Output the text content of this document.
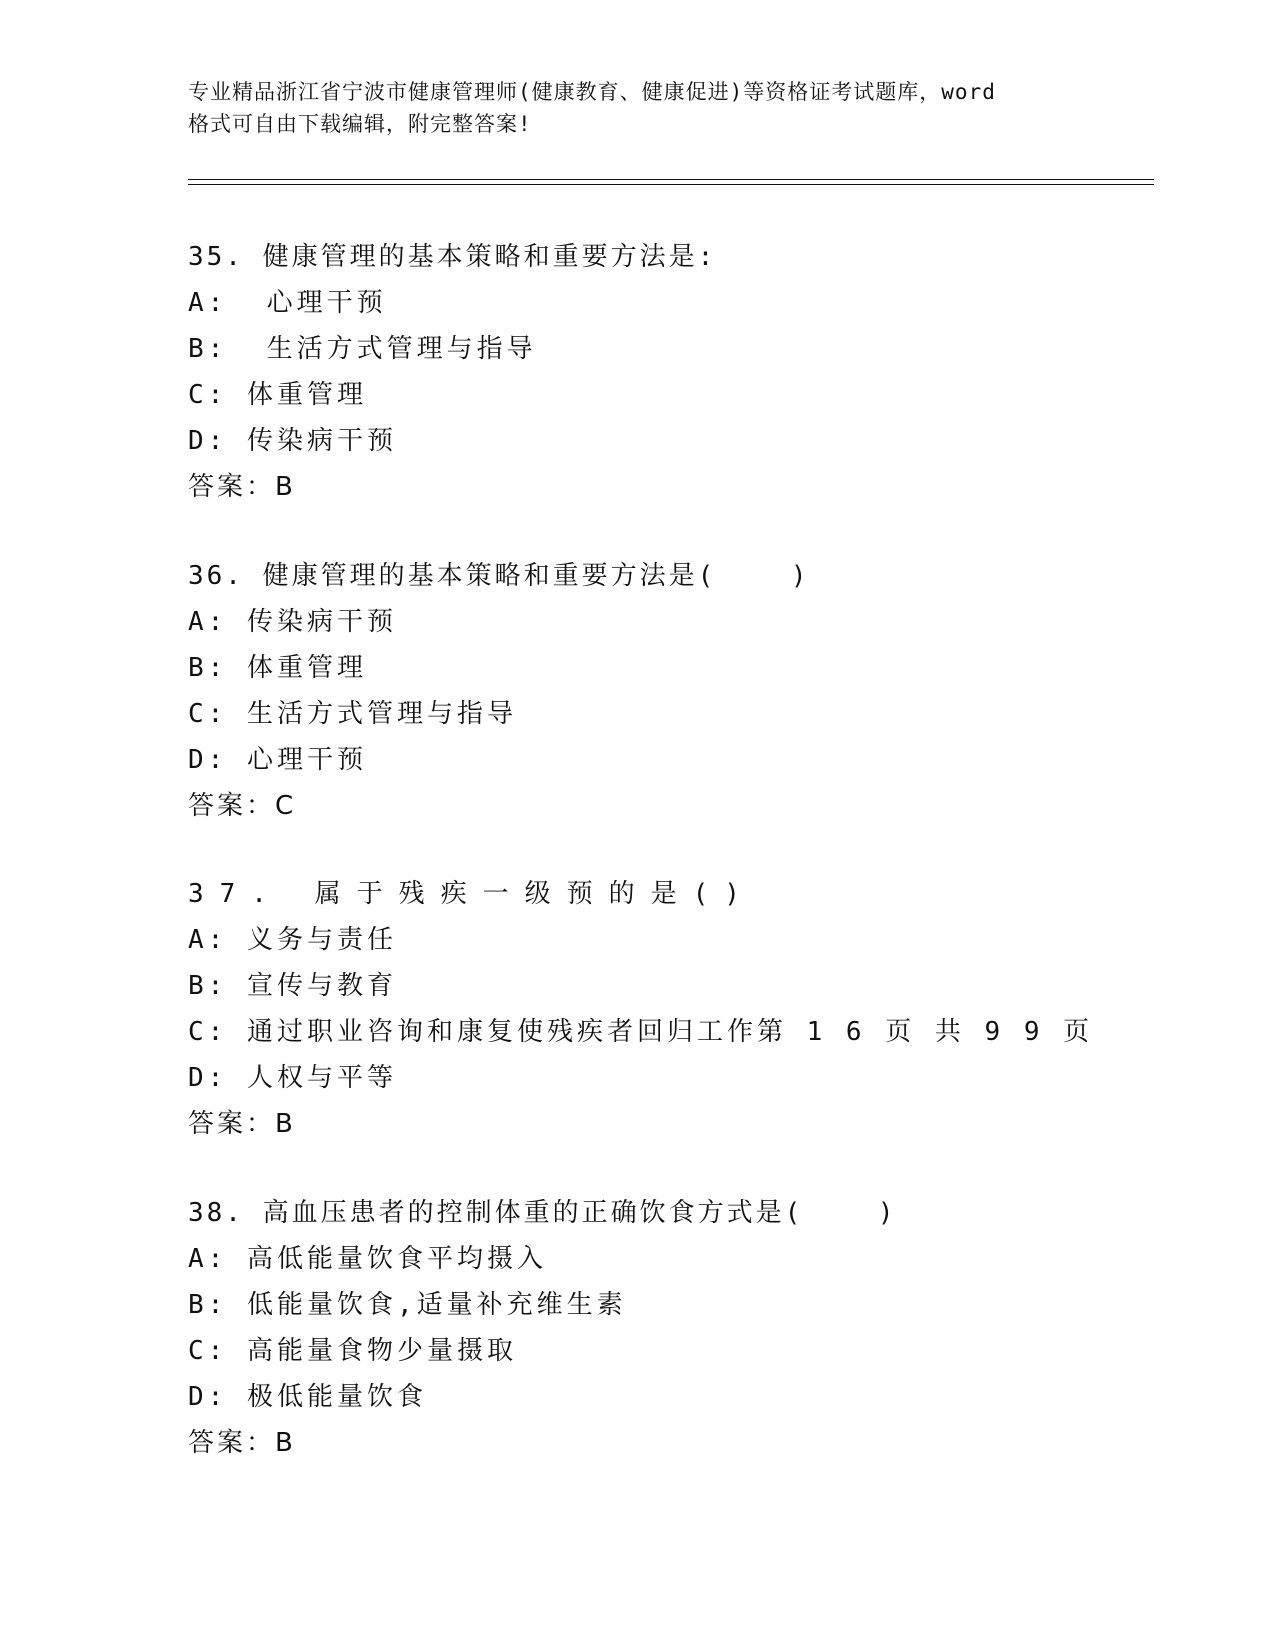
专业精品浙江省宁波市健康管理师(健康教育、健康促进)等资格证考试题库，word
格式可自由下载编辑，附完整答案!
35. 健康管理的基本策略和重要方法是:
A:  心理干预
B:  生活方式管理与指导
C: 体重管理
D: 传染病干预
答案：B
36. 健康管理的基本策略和重要方法是(    )
A: 传染病干预
B: 体重管理
C: 生活方式管理与指导
D: 心理干预
答案：C
37. 属于残疾一级预的是()
A: 义务与责任
B: 宣传与教育
C: 通过职业咨询和康复使残疾者回归工作第 1 6 页 共 9 9 页
D: 人权与平等
答案：B
38. 高血压患者的控制体重的正确饮食方式是(    )
A: 高低能量饮食平均摄入
B: 低能量饮食,适量补充维生素
C: 高能量食物少量摄取
D: 极低能量饮食
答案：B
